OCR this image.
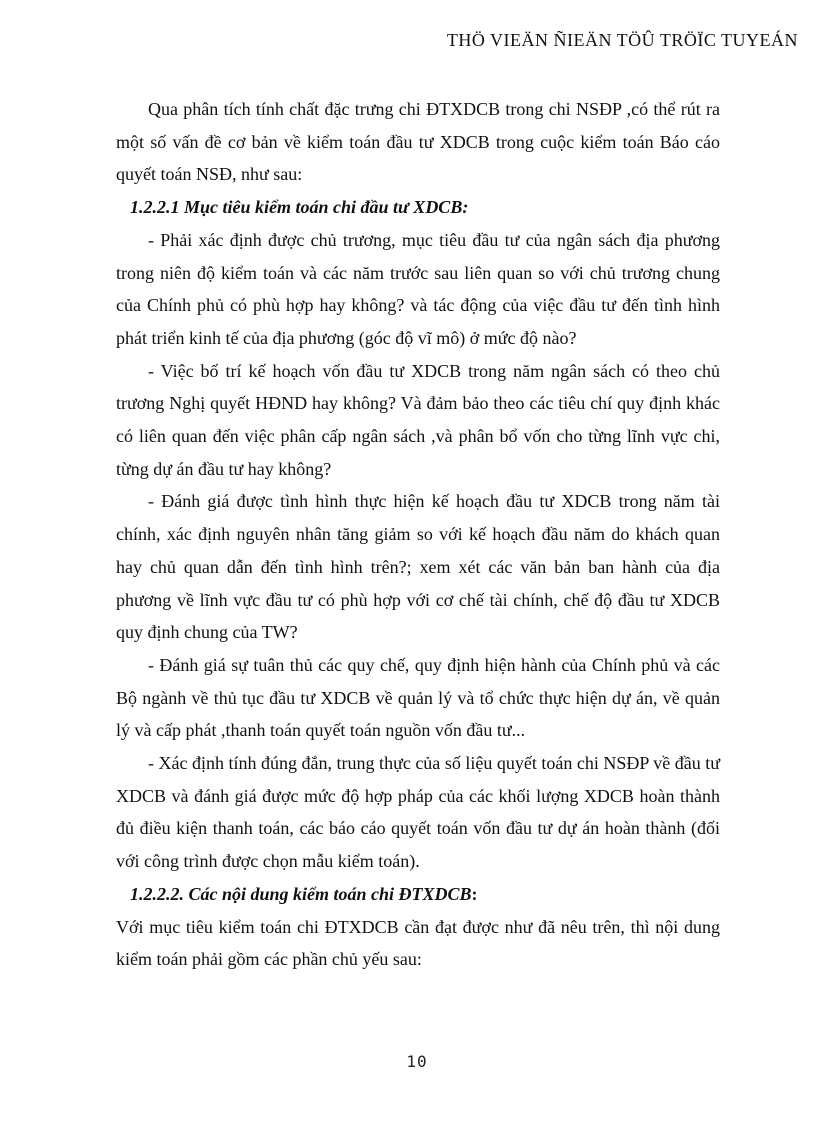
THÖ VIEÄN ÑIEÄN TÖÛ TRÖÏC TUYEÁN

Qua phân tích tính chất đặc trưng chi ĐTXDCB trong chi NSĐP ,có thể rút ra một số vấn đề cơ bản về kiểm toán đầu tư XDCB trong cuộc kiểm toán Báo cáo quyết toán NSĐ, như sau:

1.2.2.1 Mục tiêu kiểm toán chi đầu tư XDCB:

- Phải xác định được chủ trương, mục tiêu đầu tư của ngân sách địa phương trong niên độ kiểm toán và các năm trước sau liên quan so với chủ trương chung của Chính phủ có phù hợp hay không? và tác động của việc đầu tư đến tình hình phát triển kinh tế của địa phương (góc độ vĩ mô) ở mức độ nào?

- Việc bố trí kế hoạch vốn đầu tư XDCB trong năm ngân sách có theo chủ trương Nghị quyết HĐND hay không? Và đảm bảo theo các tiêu chí quy định khác có liên quan đến việc phân cấp ngân sách ,và phân bổ vốn cho từng lĩnh vực chi, từng dự án đầu tư hay không?

- Đánh giá được tình hình thực hiện kế hoạch đầu tư XDCB trong năm tài chính, xác định nguyên nhân tăng giảm so với kế hoạch đầu năm do khách quan hay chủ quan dẫn đến tình hình trên?; xem xét các văn bản ban hành của địa phương về lĩnh vực đầu tư có phù hợp với cơ chế tài chính, chế độ đầu tư XDCB quy định chung của TW?

- Đánh giá sự tuân thủ các quy chế, quy định hiện hành của Chính phủ và các Bộ ngành về thủ tục đầu tư XDCB về quản lý và tổ chức thực hiện dự án, về quản lý và cấp phát ,thanh toán quyết toán nguồn vốn đầu tư...

- Xác định tính đúng đắn, trung thực của số liệu quyết toán chi NSĐP về đầu tư XDCB và đánh giá được mức độ hợp pháp của các khối lượng XDCB hoàn thành đủ điều kiện thanh toán, các báo cáo quyết toán vốn đầu tư dự án hoàn thành (đối với công trình được chọn mẫu kiểm toán).

1.2.2.2. Các nội dung kiểm toán chi ĐTXDCB:

Với mục tiêu kiểm toán chi ĐTXDCB cần đạt được như đã nêu trên, thì nội dung kiểm toán phải gồm các phần chủ yếu sau:

10
